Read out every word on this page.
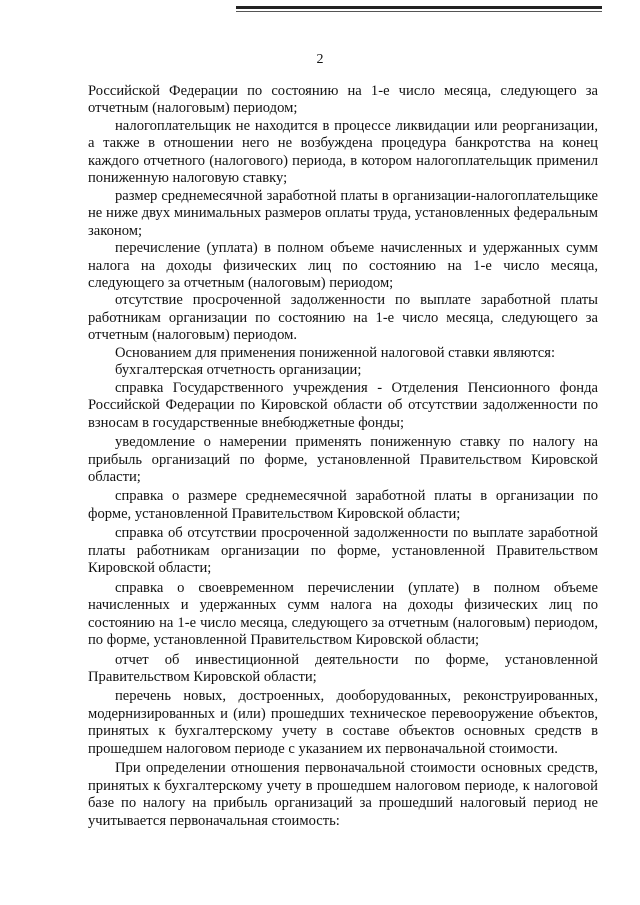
2

Российской Федерации по состоянию на 1-е число месяца, следующего за отчетным (налоговым) периодом;

налогоплательщик не находится в процессе ликвидации или реорганизации, а также в отношении него не возбуждена процедура банкротства на конец каждого отчетного (налогового) периода, в котором налогоплательщик применил пониженную налоговую ставку;

размер среднемесячной заработной платы в организации-налогоплательщике не ниже двух минимальных размеров оплаты труда, установленных федеральным законом;

перечисление (уплата) в полном объеме начисленных и удержанных сумм налога на доходы физических лиц по состоянию на 1-е число месяца, следующего за отчетным (налоговым) периодом;

отсутствие просроченной задолженности по выплате заработной платы работникам организации по состоянию на 1-е число месяца, следующего за отчетным (налоговым) периодом.

Основанием для применения пониженной налоговой ставки являются:

бухгалтерская отчетность организации;

справка Государственного учреждения - Отделения Пенсионного фонда Российской Федерации по Кировской области об отсутствии задолженности по взносам в государственные внебюджетные фонды;

уведомление о намерении применять пониженную ставку по налогу на прибыль организаций по форме, установленной Правительством Кировской области;

справка о размере среднемесячной заработной платы в организации по форме, установленной Правительством Кировской области;

справка об отсутствии просроченной задолженности по выплате заработной платы работникам организации по форме, установленной Правительством Кировской области;

справка о своевременном перечислении (уплате) в полном объеме начисленных и удержанных сумм налога на доходы физических лиц по состоянию на 1-е число месяца, следующего за отчетным (налоговым) периодом, по форме, установленной Правительством Кировской области;

отчет об инвестиционной деятельности по форме, установленной Правительством Кировской области;

перечень новых, достроенных, дооборудованных, реконструированных, модернизированных и (или) прошедших техническое перевооружение объектов, принятых к бухгалтерскому учету в составе объектов основных средств в прошедшем налоговом периоде с указанием их первоначальной стоимости.

При определении отношения первоначальной стоимости основных средств, принятых к бухгалтерскому учету в прошедшем налоговом периоде, к налоговой базе по налогу на прибыль организаций за прошедший налоговый период не учитывается первоначальная стоимость:
